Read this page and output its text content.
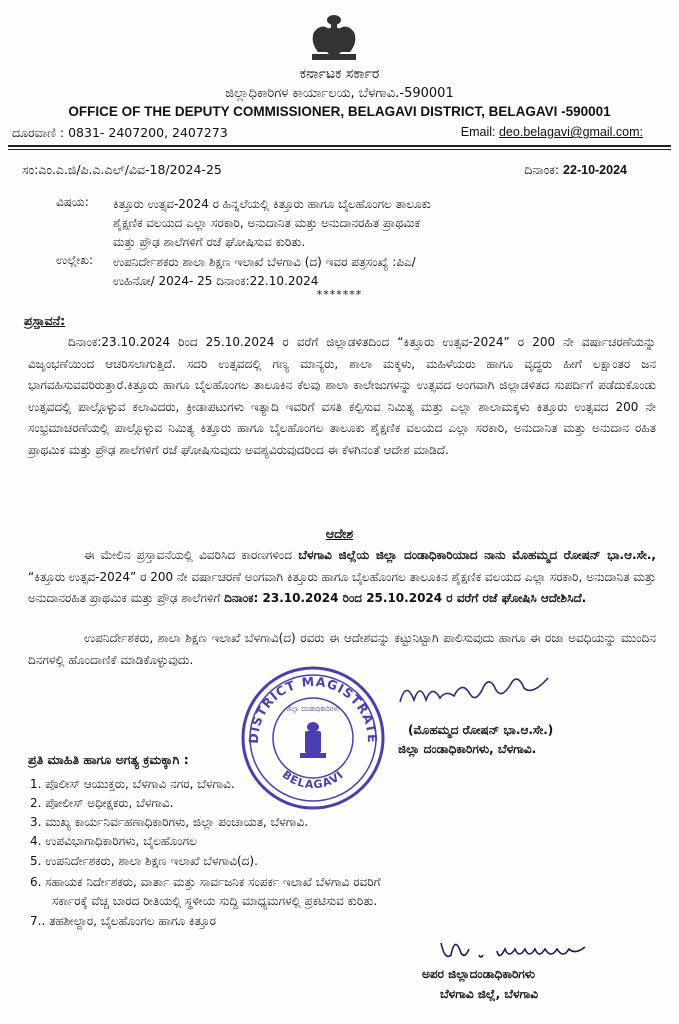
ಕರ್ನಾಟಕ ಸರ್ಕಾರ
ಜಿಲ್ಲಾಧಿಕಾರಿಗಳ ಕಾರ್ಯಾಲಯ, ಬೆಳಗಾವಿ.-590001
OFFICE OF THE DEPUTY COMMISSIONER, BELAGAVI DISTRICT, BELAGAVI -590001
ದೂರವಾಣಿ : 0831- 2407200, 2407273	Email: deo.belagavi@gmail.com:
ಸಂ:ಎಂ.ಎ.ಜಿ/ಪಿ.ಎ.ಎಲ್/ವಿವ-18/2024-25	ದಿನಾಂಕ: 22-10-2024
ವಿಷಯ: ಕಿತ್ತೂರು ಉತ್ಸವ-2024 ರ ಹಿನ್ನಲೆಯಲ್ಲಿ ಕಿತ್ತೂರು ಹಾಗೂ ಬೈಲಹೊಂಗಲ ತಾಲೂಕು
ಶೈಕ್ಷಣಿಕ ವಲಯದ ಎಲ್ಲಾ ಸರಕಾರಿ, ಅನುದಾನಿತ ಮತ್ತು ಅನುದಾನರಹಿತ ಪ್ರಾಥಮಿಕ
ಮತ್ತು ಪ್ರೌಢ ಶಾಲೆಗಳಿಗೆ ರಜೆ ಘೋಷಿಸುವ ಕುರಿತು.
ಉಲ್ಲೇಖ: ಉಪನಿರ್ದೇಶಕರು ಶಾಲಾ ಶಿಕ್ಷಣ ಇಲಾಖೆ ಬೆಳಗಾವಿ (ದ) ಇವರ ಪತ್ರಸಂಖ್ಯೆ :ಪಿಎ/
ಉಹಿನೋ/ 2024- 25 ದಿನಾಂಕ:22.10.2024
*******
ಪ್ರಸ್ತಾವನೆ:
ದಿನಾಂಕ:23.10.2024 ರಿಂದ 25.10.2024 ರ ವರೆಗೆ ಜಿಲ್ಲಾಡಳಿತದಿಂದ “ಕಿತ್ತೂರು ಉತ್ಸವ-2024” ರ 200 ನೇ ವರ್ಷಾಚರಣೆಯನ್ನು ವಿಜೃಂಭಣೆಯಿಂದ ಆಚರಿಸಲಾಗುತ್ತಿದೆ. ಸದರಿ ಉತ್ಸವದಲ್ಲಿ ಗಣ್ಯ ಮಾನ್ಯರು, ಶಾಲಾ ಮಕ್ಕಳು, ಮಹಿಳೆಯರು ಹಾಗೂ ವೃದ್ಧರು ಹೀಗೆ ಲಕ್ಷಾಂತರ ಜನ ಭಾಗವಹಿಸುವವರಿರುತ್ತಾರೆ.ಕಿತ್ತೂರು ಹಾಗೂ ಬೈಲಹೊಂಗಲ ತಾಲೂಕಿನ ಕೆಲವು ಶಾಲಾ ಕಾಲೇಜುಗಳನ್ನು ಉತ್ಸವದ ಅಂಗವಾಗಿ ಜಿಲ್ಲಾಡಳಿತದ ಸುಪರ್ದಿಗೆ ಪಡೆದುಕೊಂಡು ಉತ್ಸವದಲ್ಲಿ ಪಾಲ್ಗೊಳ್ಳುವ ಕಲಾವಿದರು, ಕ್ರೀಡಾಪಟುಗಳು ಇತ್ಯಾದಿ ಇವರಿಗೆ ವಸತಿ ಕಲ್ಪಿಸುವ ನಿಮಿತ್ಯ ಮತ್ತು ಎಲ್ಲಾ ಶಾಲಾಮಕ್ಕಳು ಕಿತ್ತೂರು ಉತ್ಸವದ 200 ನೇ ಸಂಭ್ರಮಾಚರಣೆಯಲ್ಲಿ ಪಾಲ್ಗೊಳ್ಳುವ ನಿಮಿತ್ಯ ಕಿತ್ತೂರು ಹಾಗೂ ಬೈಲಹೊಂಗಲ ತಾಲೂಕು ಶೈಕ್ಷಣಿಕ ವಲಯದ ಎಲ್ಲಾ ಸರಕಾರಿ, ಅನುದಾನಿತ ಮತ್ತು ಅನುದಾನ ರಹಿತ ಪ್ರಾಥಮಿಕ ಮತ್ತು ಪ್ರೌಢ ಶಾಲೆಗಳಿಗೆ ರಜೆ ಘೋಷಿಸುವುದು ಅವಶ್ಯವಿರುವುದರಿಂದ ಈ ಕೆಳಗಿನಂತೆ ಆದೇಶ ಮಾಡಿದೆ.
ಆದೇಶ
ಈ ಮೇಲಿನ ಪ್ರಸ್ತಾವನೆಯಲ್ಲಿ ವಿವರಿಸಿದ ಕಾರಣಗಳಿಂದ ಬೆಳಗಾವಿ ಜಿಲ್ಲೆಯ ಜಿಲ್ಲಾ ದಂಡಾಧಿಕಾರಿಯಾದ ನಾನು ಮೊಹಮ್ಮದ ರೋಷನ್ ಭಾ.ಆ.ಸೇ., “ಕಿತ್ತೂರು ಉತ್ಸವ-2024” ರ 200 ನೇ ವರ್ಷಾಚರಣೆ ಅಂಗವಾಗಿ ಕಿತ್ತೂರು ಹಾಗೂ ಬೈಲಹೊಂಗಲ ತಾಲೂಕಿನ ಶೈಕ್ಷಣಿಕ ವಲಯದ ಎಲ್ಲಾ ಸರಕಾರಿ, ಅನುದಾನಿತ ಮತ್ತು ಅನುದಾನರಹಿತ ಪ್ರಾಥಮಿಕ ಮತ್ತು ಪ್ರೌಢ ಶಾಲೆಗಳಿಗೆ ದಿನಾಂಕ: 23.10.2024 ರಿಂದ 25.10.2024 ರ ವರೆಗೆ ರಜೆ ಘೋಷಿಸಿ ಆದೇಶಿಸಿದೆ.
ಉಪನಿರ್ದೇಶಕರು, ಶಾಲಾ ಶಿಕ್ಷಣ ಇಲಾಖೆ ಬೆಳಗಾವಿ(ದ) ರವರು ಈ ಆದೇಶವನ್ನು ಕಟ್ಟುನಿಟ್ಟಾಗಿ ಪಾಲಿಸುವುದು ಹಾಗೂ ಈ ರಜಾ ಅವಧಿಯನ್ನು ಮುಂದಿನ ದಿನಗಳಲ್ಲಿ ಹೊಂದಾಣಿಕೆ ಮಾಡಿಕೊಳ್ಳುವುದು.
DISTRICT MAGISTRATE
ಜಿಲ್ಲಾ ದಂಡಾಧಿಕಾರಿಗಳು
BELAGAVI
(ಮೊಹಮ್ಮದ ರೋಷನ್ ಭಾ.ಆ.ಸೇ.)
ಜಿಲ್ಲಾ ದಂಡಾಧಿಕಾರಿಗಳು, ಬೆಳಗಾವಿ.
ಪ್ರತಿ ಮಾಹಿತಿ ಹಾಗೂ ಅಗತ್ಯ ಕ್ರಮಕ್ಕಾಗಿ :
1. ಪೊಲೀಸ್ ಆಯುಕ್ತರು, ಬೆಳಗಾವಿ ನಗರ, ಬೆಳಗಾವಿ.
2. ಪೋಲೀಸ್ ಅಧೀಕ್ಷಕರು, ಬೆಳಗಾವಿ.
3. ಮುಖ್ಯ ಕಾರ್ಯನಿರ್ವಹಣಾಧಿಕಾರಿಗಳು, ಜಿಲ್ಲಾ ಪಂಚಾಯತ, ಬೆಳಗಾವಿ.
4. ಉಪವಿಭಾಗಾಧಿಕಾರಿಗಳು, ಬೈಲಹೊಂಗಲ
5. ಉಪನಿರ್ದೇಶಕರು, ಶಾಲಾ ಶಿಕ್ಷಣ ಇಲಾಖೆ ಬೆಳಗಾವಿ(ದ).
6. ಸಹಾಯಕ ನಿರ್ದೇಶಕರು, ವಾರ್ತಾ ಮತ್ತು ಸಾರ್ವಜನಿಕ ಸಂಪರ್ಕ ಇಲಾಖೆ ಬೆಳಗಾವಿ ರವರಿಗೆ
ಸರ್ಕಾರಕ್ಕೆ ವೆಚ್ಚ ಬಾರದ ರೀತಿಯಲ್ಲಿ ಸ್ಥಳೀಯ ಸುದ್ದಿ ಮಾಧ್ಯಮಗಳಲ್ಲಿ ಪ್ರಕಟಿಸುವ ಕುರಿತು.
7.. ತಹಶೀಲ್ದಾರ, ಬೈಲಹೊಂಗಲ ಹಾಗೂ ಕಿತ್ತೂರ
ಅಪರ ಜಿಲ್ಲಾದಂಡಾಧಿಕಾರಿಗಳು
ಬೆಳಗಾವಿ ಜಿಲ್ಲೆ, ಬೆಳಗಾವಿ
